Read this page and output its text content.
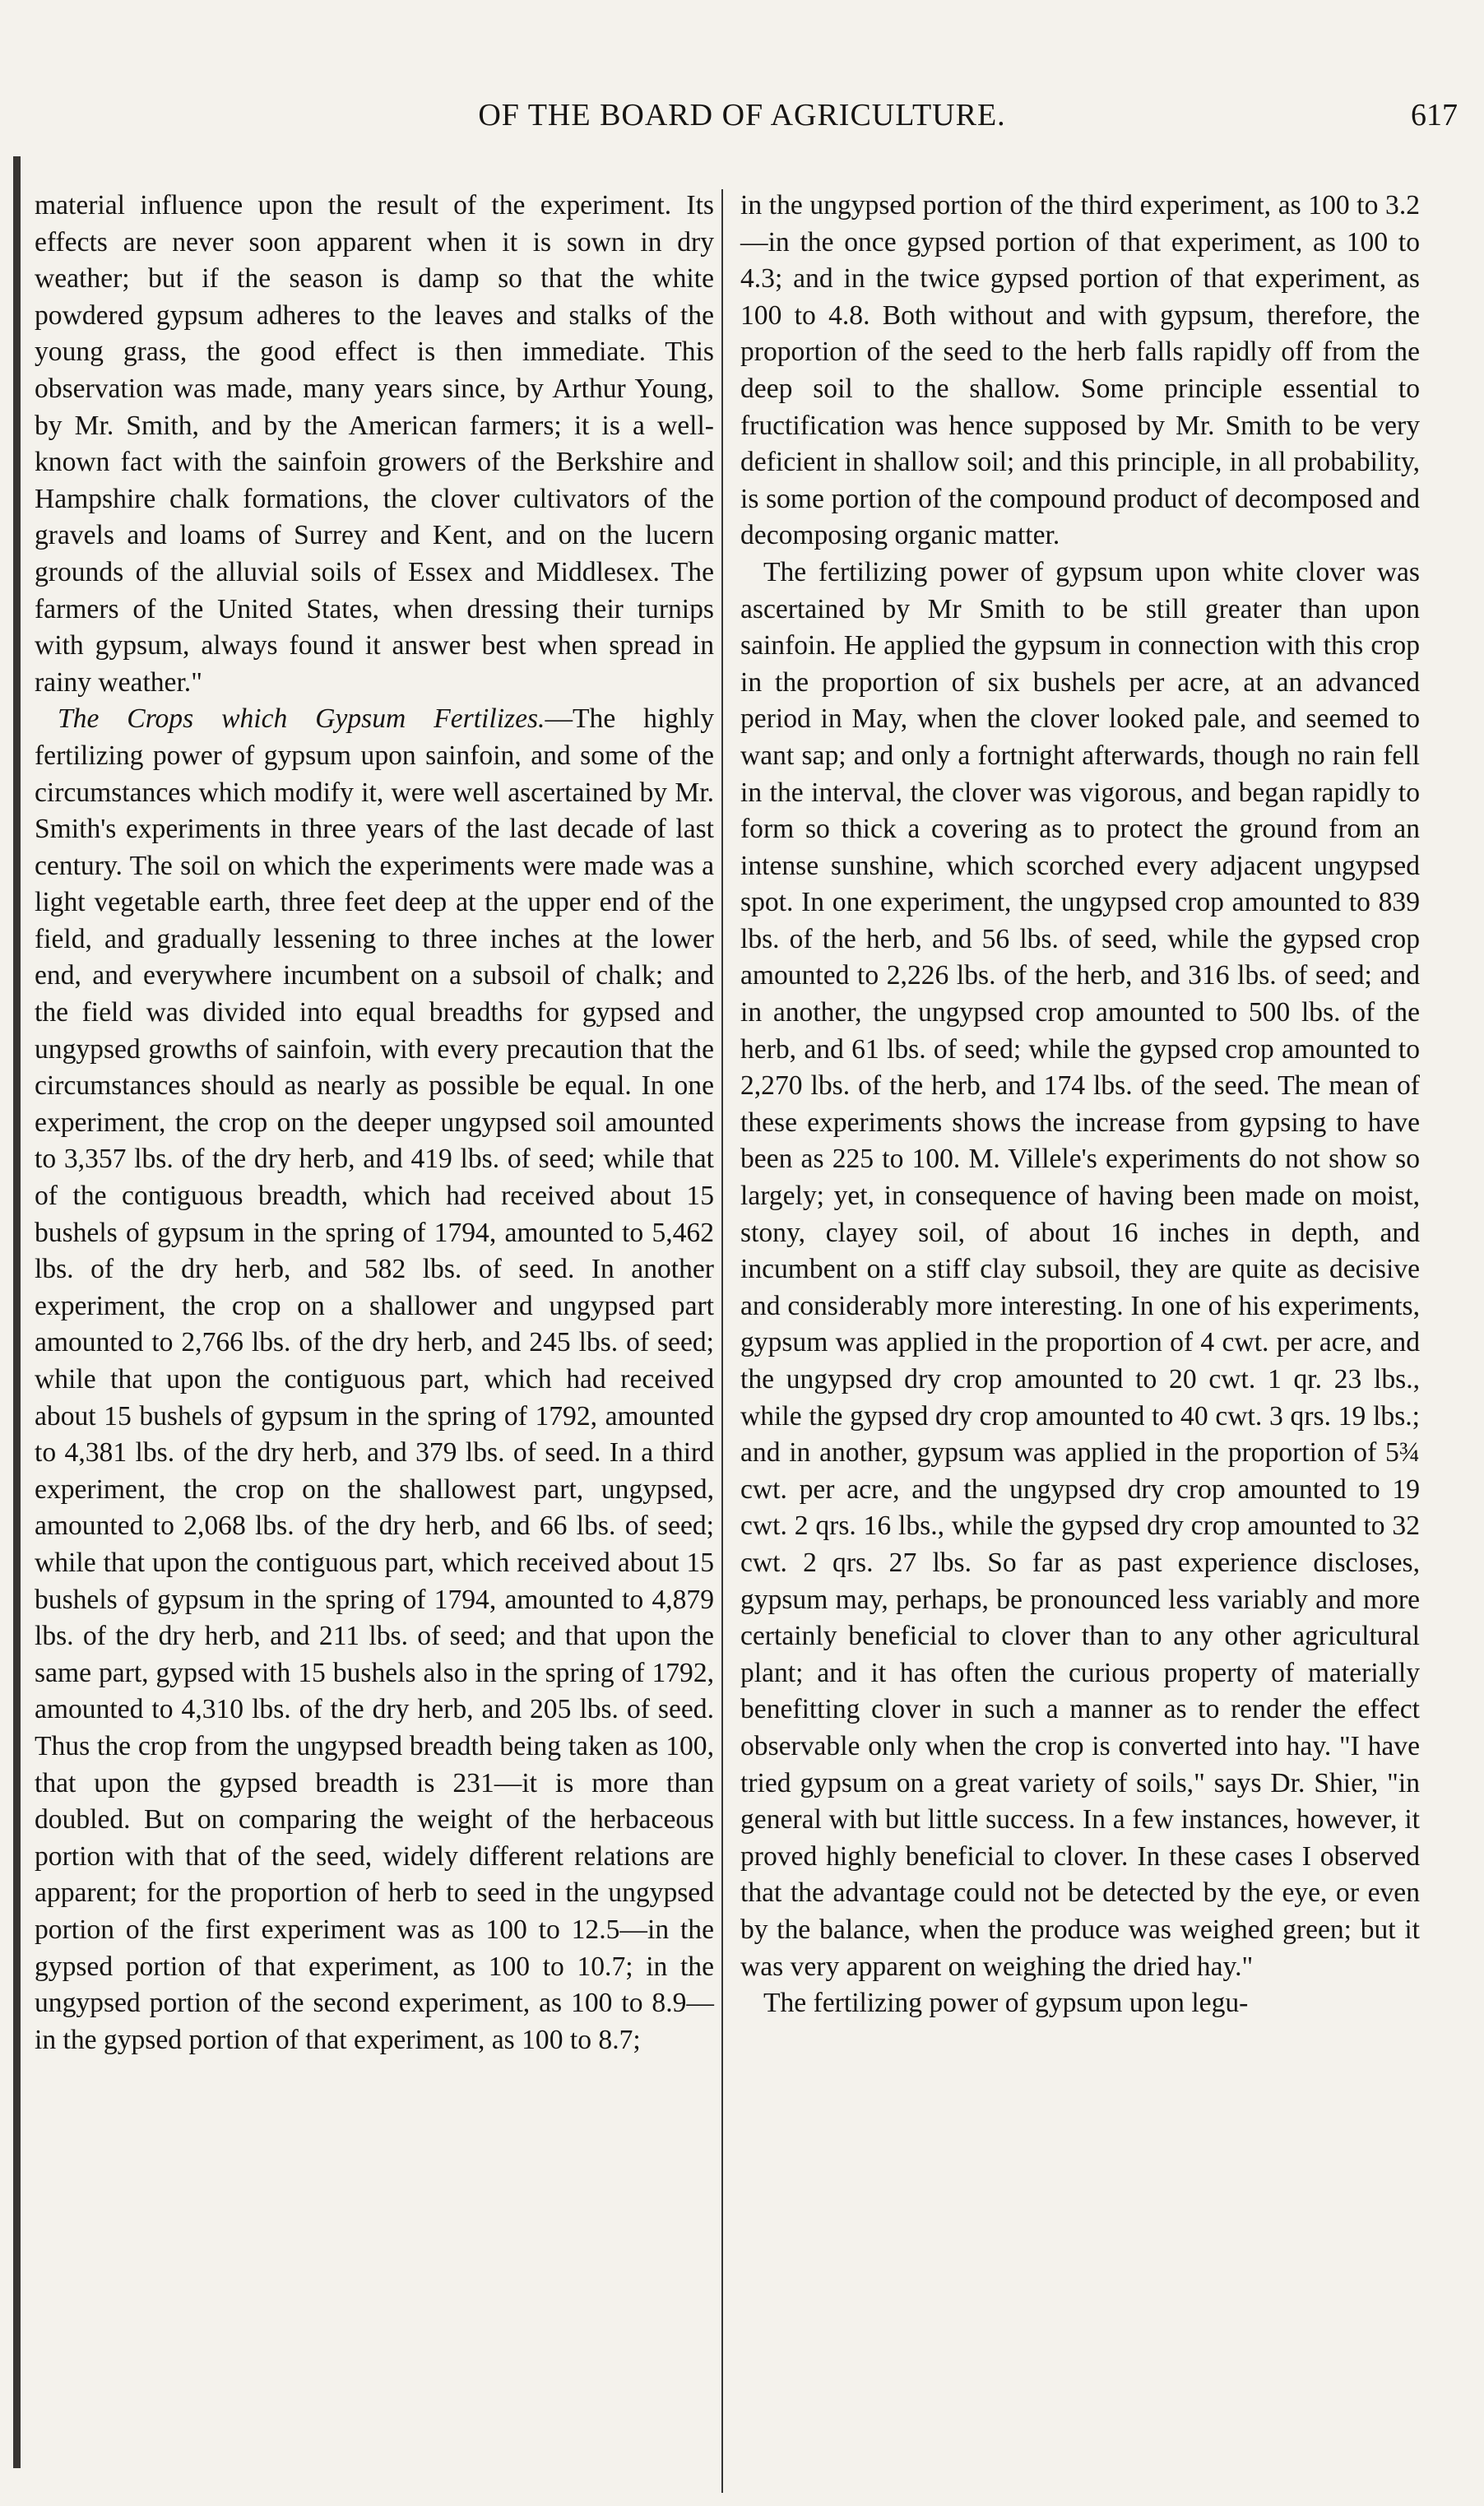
OF THE BOARD OF AGRICULTURE.	617

material influence upon the result of the experiment. Its effects are never soon apparent when it is sown in dry weather; but if the season is damp so that the white powdered gypsum adheres to the leaves and stalks of the young grass, the good effect is then immediate. This observation was made, many years since, by Arthur Young, by Mr. Smith, and by the American farmers; it is a well-known fact with the sainfoin growers of the Berkshire and Hampshire chalk formations, the clover cultivators of the gravels and loams of Surrey and Kent, and on the lucern grounds of the alluvial soils of Essex and Middlesex. The farmers of the United States, when dressing their turnips with gypsum, always found it answer best when spread in rainy weather."

The Crops which Gypsum Fertilizes.—The highly fertilizing power of gypsum upon sainfoin, and some of the circumstances which modify it, were well ascertained by Mr. Smith's experiments in three years of the last decade of last century. The soil on which the experiments were made was a light vegetable earth, three feet deep at the upper end of the field, and gradually lessening to three inches at the lower end, and everywhere incumbent on a subsoil of chalk; and the field was divided into equal breadths for gypsed and ungypsed growths of sainfoin, with every precaution that the circumstances should as nearly as possible be equal. In one experiment, the crop on the deeper ungypsed soil amounted to 3,357 lbs. of the dry herb, and 419 lbs. of seed; while that of the contiguous breadth, which had received about 15 bushels of gypsum in the spring of 1794, amounted to 5,462 lbs. of the dry herb, and 582 lbs. of seed. In another experiment, the crop on a shallower and ungypsed part amounted to 2,766 lbs. of the dry herb, and 245 lbs. of seed; while that upon the contiguous part, which had received about 15 bushels of gypsum in the spring of 1792, amounted to 4,381 lbs. of the dry herb, and 379 lbs. of seed. In a third experiment, the crop on the shallowest part, ungypsed, amounted to 2,068 lbs. of the dry herb, and 66 lbs. of seed; while that upon the contiguous part, which received about 15 bushels of gypsum in the spring of 1794, amounted to 4,879 lbs. of the dry herb, and 211 lbs. of seed; and that upon the same part, gypsed with 15 bushels also in the spring of 1792, amounted to 4,310 lbs. of the dry herb, and 205 lbs. of seed. Thus the crop from the ungypsed breadth being taken as 100, that upon the gypsed breadth is 231—it is more than doubled. But on comparing the weight of the herbaceous portion with that of the seed, widely different relations are apparent; for the proportion of herb to seed in the ungypsed portion of the first experiment was as 100 to 12.5—in the gypsed portion of that experiment, as 100 to 10.7; in the ungypsed portion of the second experiment, as 100 to 8.9—in the gypsed portion of that experiment, as 100 to 8.7;

in the ungypsed portion of the third experiment, as 100 to 3.2—in the once gypsed portion of that experiment, as 100 to 4.3; and in the twice gypsed portion of that experiment, as 100 to 4.8. Both without and with gypsum, therefore, the proportion of the seed to the herb falls rapidly off from the deep soil to the shallow. Some principle essential to fructification was hence supposed by Mr. Smith to be very deficient in shallow soil; and this principle, in all probability, is some portion of the compound product of decomposed and decomposing organic matter.

The fertilizing power of gypsum upon white clover was ascertained by Mr Smith to be still greater than upon sainfoin. He applied the gypsum in connection with this crop in the proportion of six bushels per acre, at an advanced period in May, when the clover looked pale, and seemed to want sap; and only a fortnight afterwards, though no rain fell in the interval, the clover was vigorous, and began rapidly to form so thick a covering as to protect the ground from an intense sunshine, which scorched every adjacent ungypsed spot. In one experiment, the ungypsed crop amounted to 839 lbs. of the herb, and 56 lbs. of seed, while the gypsed crop amounted to 2,226 lbs. of the herb, and 316 lbs. of seed; and in another, the ungypsed crop amounted to 500 lbs. of the herb, and 61 lbs. of seed; while the gypsed crop amounted to 2,270 lbs. of the herb, and 174 lbs. of the seed. The mean of these experiments shows the increase from gypsing to have been as 225 to 100. M. Villele's experiments do not show so largely; yet, in consequence of having been made on moist, stony, clayey soil, of about 16 inches in depth, and incumbent on a stiff clay subsoil, they are quite as decisive and considerably more interesting. In one of his experiments, gypsum was applied in the proportion of 4 cwt. per acre, and the ungypsed dry crop amounted to 20 cwt. 1 qr. 23 lbs., while the gypsed dry crop amounted to 40 cwt. 3 qrs. 19 lbs.; and in another, gypsum was applied in the proportion of 5¾ cwt. per acre, and the ungypsed dry crop amounted to 19 cwt. 2 qrs. 16 lbs., while the gypsed dry crop amounted to 32 cwt. 2 qrs. 27 lbs. So far as past experience discloses, gypsum may, perhaps, be pronounced less variably and more certainly beneficial to clover than to any other agricultural plant; and it has often the curious property of materially benefitting clover in such a manner as to render the effect observable only when the crop is converted into hay. "I have tried gypsum on a great variety of soils," says Dr. Shier, "in general with but little success. In a few instances, however, it proved highly beneficial to clover. In these cases I observed that the advantage could not be detected by the eye, or even by the balance, when the produce was weighed green; but it was very apparent on weighing the dried hay."

The fertilizing power of gypsum upon legu-
